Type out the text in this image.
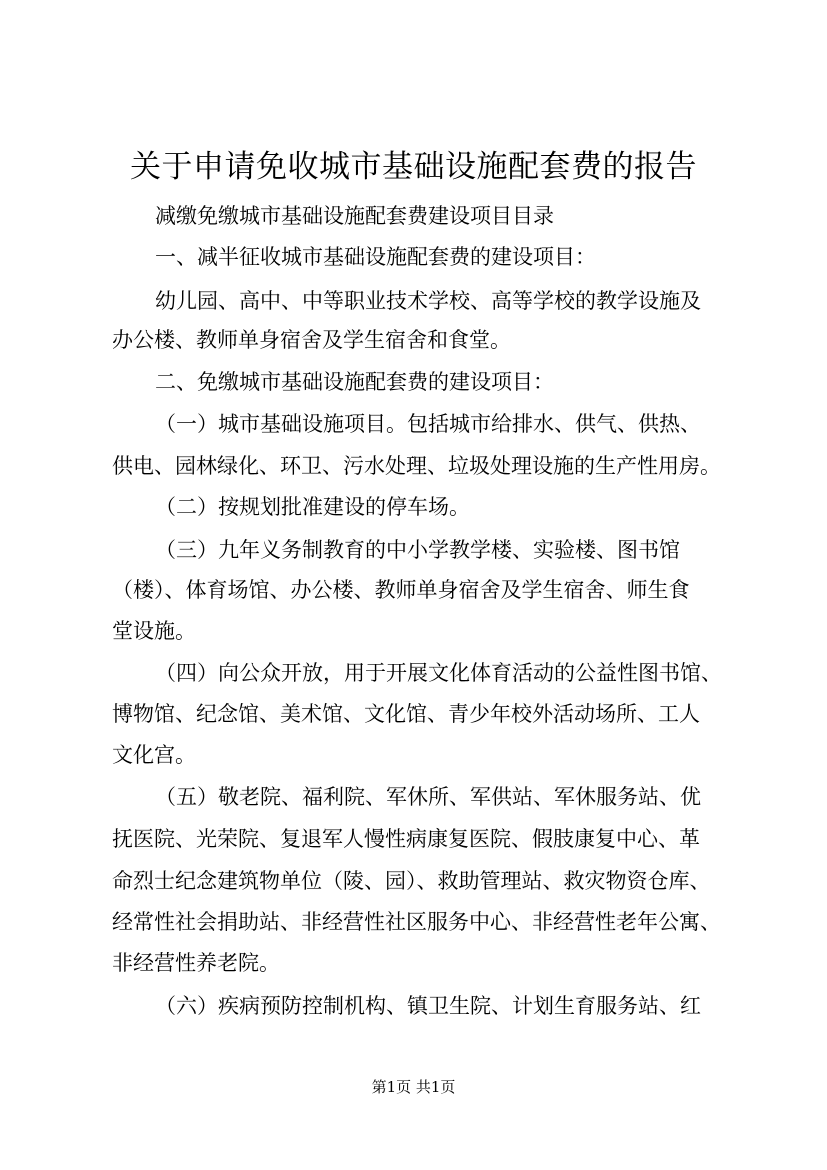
关于申请免收城市基础设施配套费的报告
减缴免缴城市基础设施配套费建设项目目录
一、减半征收城市基础设施配套费的建设项目：
幼儿园、高中、中等职业技术学校、高等学校的教学设施及
办公楼、教师单身宿舍及学生宿舍和食堂。
二、免缴城市基础设施配套费的建设项目：
（一）城市基础设施项目。包括城市给排水、供气、供热、
供电、园林绿化、环卫、污水处理、垃圾处理设施的生产性用房。
（二）按规划批准建设的停车场。
（三）九年义务制教育的中小学教学楼、实验楼、图书馆
（楼）、体育场馆、办公楼、教师单身宿舍及学生宿舍、师生食
堂设施。
（四）向公众开放，用于开展文化体育活动的公益性图书馆、
博物馆、纪念馆、美术馆、文化馆、青少年校外活动场所、工人
文化宫。
（五）敬老院、福利院、军休所、军供站、军休服务站、优
抚医院、光荣院、复退军人慢性病康复医院、假肢康复中心、革
命烈士纪念建筑物单位（陵、园）、救助管理站、救灾物资仓库、
经常性社会捐助站、非经营性社区服务中心、非经营性老年公寓、
非经营性养老院。
（六）疾病预防控制机构、镇卫生院、计划生育服务站、红
第1页 共1页
